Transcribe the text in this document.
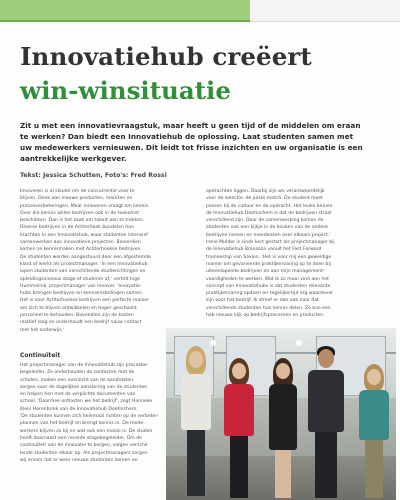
Innovatiehub creëert
win-winsituatie
Zit u met een innovatievraagstuk, maar heeft u geen tijd of de middelen om eraan
te werken? Dan biedt een Innovatiehub de oplossing. Laat studenten samen met
uw medewerkers vernieuwen. Dit leidt tot frisse inzichten en uw organisatie is een
aantrekkelijke werkgever.
Tekst: Jessica Schutten, Foto's: Fred Rossi
Innoveren is al sleutel om de concurrentie voor te
blijven. Denk aan nieuwe producten, markten en
procesverbeteringen. Maar innoveren vraagt om kennis.
Over die kennis willen bedrijven ook in de toekomst
beschikken. Dan is het zaak om talent aan te trekken.
Diverse bedrijven in de Achterhoek bundelen hun
krachten in een Innovatiehub, waar studenten intensief
samenwerken aan innovatieve projecten. Bovendien
komen ze kennismaken met Achterhoekse bedrijven.
De studenten worden aangestuurd door een afgestemde
klant of werkt als projectmanager. 'In een Innovatiehub
lopen studenten van verschillende studierichtingen en
opleidingsniveaus stage of studeren af,' vertelt Inge
Hummelink, projectmanager van Innovar. 'Innovatie-
hubs brengen bedrijven en kennisinstellingen samen.
Het is voor Achterhoekse bedrijven een perfecte manier
om zich te blijven ontwikkelen en hoger geschoold
personeel te behouden. Bovendien zijn de kosten
relatief laag en onderhoudt een bedrijf nauw contact
met het onderwijs.'
opdrachten liggen. Daarbij zijn we verantwoordelijk
voor de selectie, de juiste match. De student moet
passen bij de cultuur en de opdracht. Het leuke binnen
de Innovatiehub Doetinchem is dat de bedrijven straal
verschillend zijn. Door de samenwerking komen de
studenten ook een kijkje in de keuken van de andere
bedrijven nemen en meedenken over elkaars project.'
Irene Mulder is sinds kort gestart als projectmanager bij
de Innovatiehub Bronsoza vanuit het Fast Forward
traineeship van Saxion. 'Het is voor mij een geweldige
manier om gevarieerde praktijkervaring op te doen bij
uiteenlopende bedrijven en aan mijn management-
vaardigheden te werken. Wat ik zo mooi vind aan het
concept van Innovatiehubs is dat studenten relevante
praktijkervaring opdoen en tegelijkertijd erg waardevol
zijn voor het bedrijf. Ik streef er dan ook naar dat
verschillende studenten hun kennis delen. Zo kun een
heb nieuwe kijk op bedrijfsprocessen en producten.
Continuïteit
Het projectmanager van de Innovatiehub zijn procesbe-
begeleider. Ze onderhouden de contacten met de
scholen, maken een overzicht van de kandidaten,
zorgen voor de dagelijkse aansturing van de studenten
en helpen hen met de verplichte documenten van
school. 'Daarmee ontlasten we het bedrijf', zegt Hanneke
Klein Herenbrink van de Innovatiehub Doetinchem.
'De studenten kunnen zich helemaal richten op de verbeter-
plannen van het bedrijf en brengt kennis in. De mede-
werkers blijven zo bij en wat ook een mooie is. De studen
heeft daarnaast een recente stagebegeleider. Om de
continuïteit van de innovatie te borgen, volgen verschil-
lende studenten elkaar op. Als projectmanagers zorgen
wij ervoor dat er weer nieuwe studenten komen en
